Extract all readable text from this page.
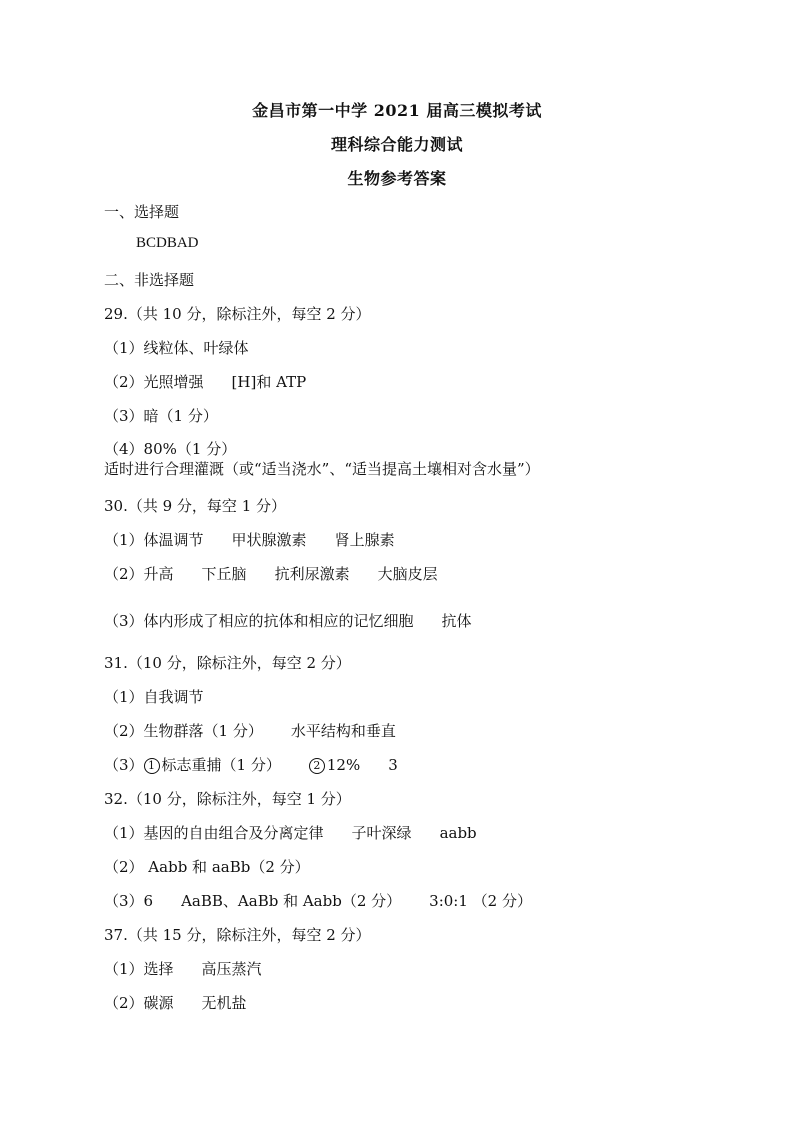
金昌市第一中学 2021 届高三模拟考试
理科综合能力测试
生物参考答案
一、选择题
BCDBAD
二、非选择题
29.（共 10 分，除标注外，每空 2 分）
（1）线粒体、叶绿体
（2）光照增强 [H]和 ATP
（3）暗（1 分）
（4）80%（1 分）适时进行合理灌溉（或“适当浇水”、“适当提高土壤相对含水量”）
30.（共 9 分，每空 1 分）
（1）体温调节 甲状腺激素 肾上腺素
（2）升高 下丘脑 抗利尿激素 大脑皮层
（3）体内形成了相应的抗体和相应的记忆细胞 抗体
31.（10 分，除标注外，每空 2 分）
（1）自我调节
（2）生物群落（1 分） 水平结构和垂直
（3） 1 标志重捕（1 分）	2 12% 3
32.（10 分，除标注外，每空 1 分）
（1）基因的自由组合及分离定律 子叶深绿 aabb
（2） Aabb 和 aaBb（2 分）
（3）6 AaBB、AaBb 和 Aabb（2 分） 3:0:1 （2 分）
37.（共 15 分，除标注外，每空 2 分）
（1）选择 高压蒸汽
（2）碳源 无机盐
